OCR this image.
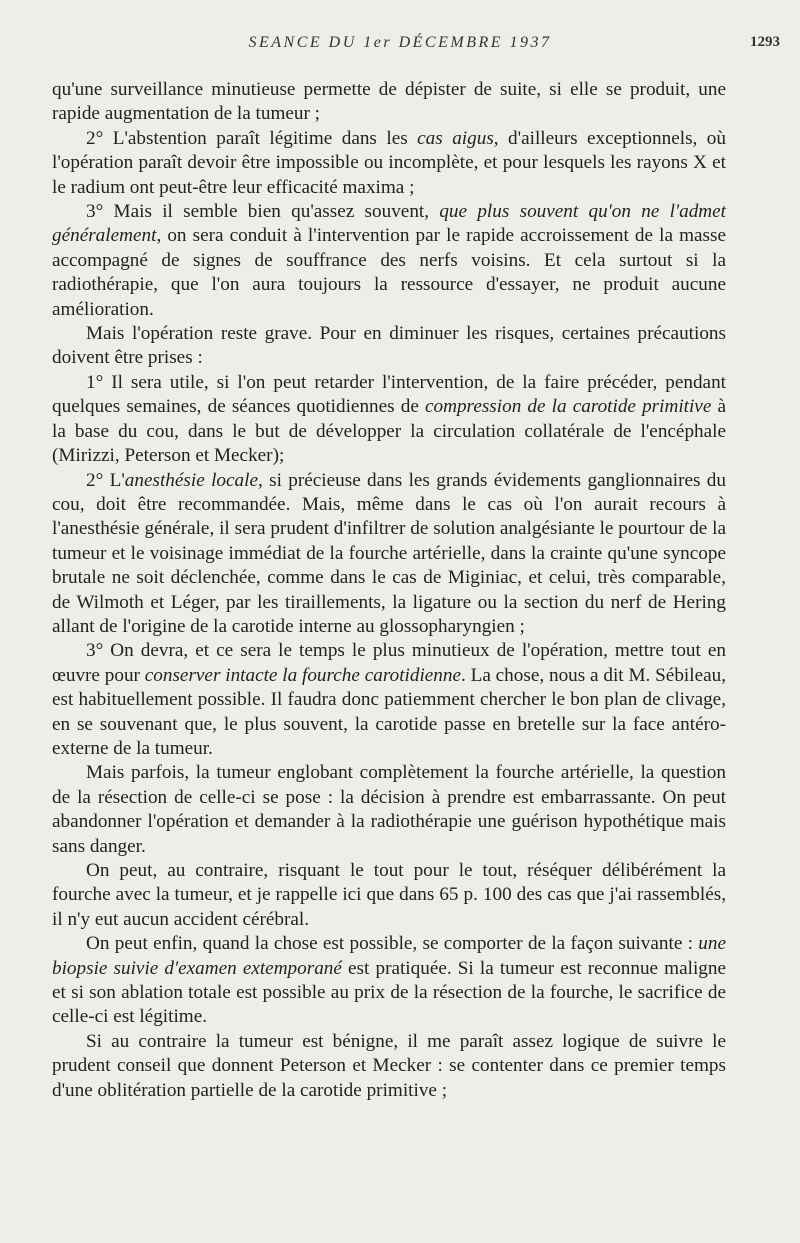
SEANCE DU 1er DÉCEMBRE 1937	1293

qu'une surveillance minutieuse permette de dépister de suite, si elle se produit, une rapide augmentation de la tumeur ;

2° L'abstention paraît légitime dans les cas aigus, d'ailleurs exceptionnels, où l'opération paraît devoir être impossible ou incomplète, et pour lesquels les rayons X et le radium ont peut-être leur efficacité maxima ;

3° Mais il semble bien qu'assez souvent, que plus souvent qu'on ne l'admet généralement, on sera conduit à l'intervention par le rapide accroissement de la masse accompagné de signes de souffrance des nerfs voisins. Et cela surtout si la radiothérapie, que l'on aura toujours la ressource d'essayer, ne produit aucune amélioration.

Mais l'opération reste grave. Pour en diminuer les risques, certaines précautions doivent être prises :

1° Il sera utile, si l'on peut retarder l'intervention, de la faire précéder, pendant quelques semaines, de séances quotidiennes de compression de la carotide primitive à la base du cou, dans le but de développer la circulation collatérale de l'encéphale (Mirizzi, Peterson et Mecker);

2° L'anesthésie locale, si précieuse dans les grands évidements ganglionnaires du cou, doit être recommandée. Mais, même dans le cas où l'on aurait recours à l'anesthésie générale, il sera prudent d'infiltrer de solution analgésiante le pourtour de la tumeur et le voisinage immédiat de la fourche artérielle, dans la crainte qu'une syncope brutale ne soit déclenchée, comme dans le cas de Miginiac, et celui, très comparable, de Wilmoth et Léger, par les tiraillements, la ligature ou la section du nerf de Hering allant de l'origine de la carotide interne au glossopharyngien ;

3° On devra, et ce sera le temps le plus minutieux de l'opération, mettre tout en œuvre pour conserver intacte la fourche carotidienne. La chose, nous a dit M. Sébileau, est habituellement possible. Il faudra donc patiemment chercher le bon plan de clivage, en se souvenant que, le plus souvent, la carotide passe en bretelle sur la face antéro-externe de la tumeur.

Mais parfois, la tumeur englobant complètement la fourche artérielle, la question de la résection de celle-ci se pose : la décision à prendre est embarrassante. On peut abandonner l'opération et demander à la radiothérapie une guérison hypothétique mais sans danger.

On peut, au contraire, risquant le tout pour le tout, réséquer délibérément la fourche avec la tumeur, et je rappelle ici que dans 65 p. 100 des cas que j'ai rassemblés, il n'y eut aucun accident cérébral.

On peut enfin, quand la chose est possible, se comporter de la façon suivante : une biopsie suivie d'examen extemporané est pratiquée. Si la tumeur est reconnue maligne et si son ablation totale est possible au prix de la résection de la fourche, le sacrifice de celle-ci est légitime.

Si au contraire la tumeur est bénigne, il me paraît assez logique de suivre le prudent conseil que donnent Peterson et Mecker : se contenter dans ce premier temps d'une oblitération partielle de la carotide primitive ;
